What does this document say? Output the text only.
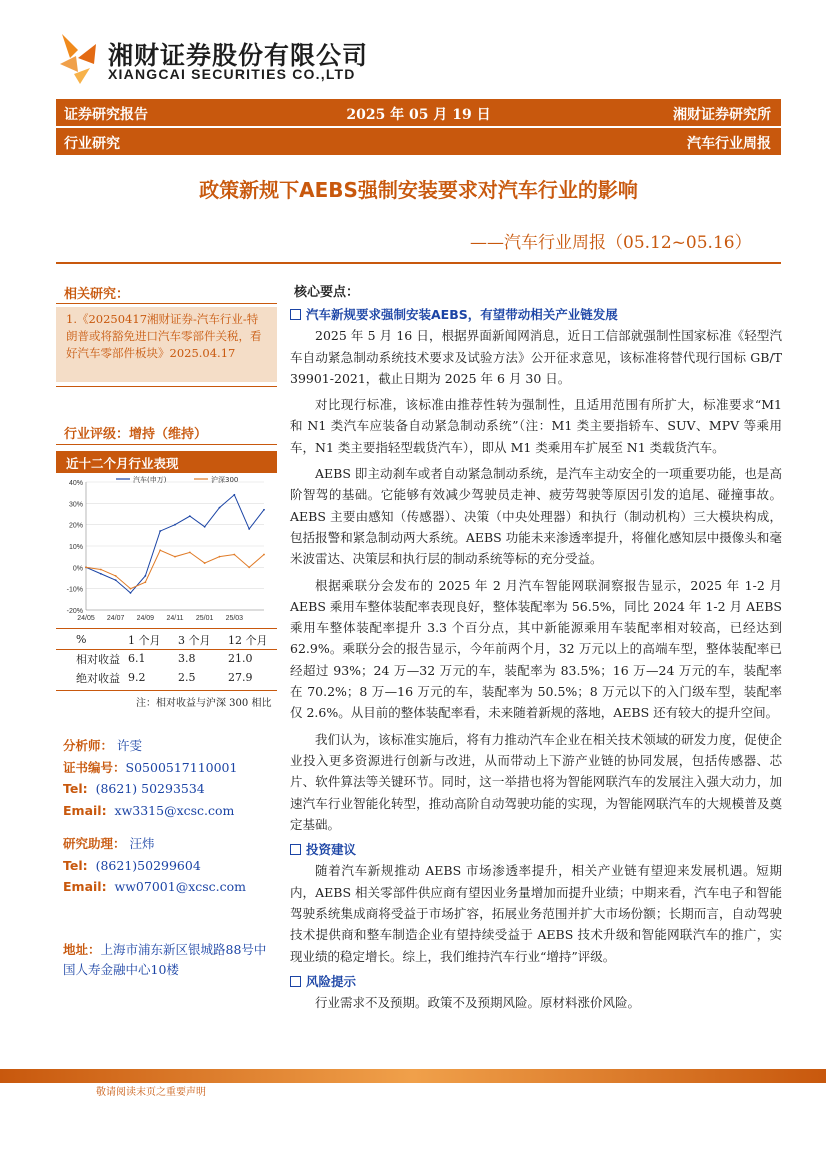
湘财证券股份有限公司
XIANGCAI SECURITIES CO.,LTD
2025 年 05 月 19 日
证券研究报告	湘财证券研究所
行业研究	汽车行业周报
政策新规下AEBS强制安装要求对汽车行业的影响
——汽车行业周报（05.12~05.16）
相关研究：
1.《20250417湘财证券-汽车行业-特朗普或将豁免进口汽车零部件关税，看好汽车零部件板块》2025.04.17
行业评级：增持（维持）
近十二个月行业表现
-20%
-10%
0%
10%
20%
30%
40%
24/05 24/07 24/09 24/11 25/01 25/03
汽车(申万)	沪深300
%	1 个月	3 个月	12 个月
相对收益	6.1	3.8	21.0
绝对收益	9.2	2.5	27.9
注：相对收益与沪深 300 相比
分析师： 许雯
证书编号：S0500517110001
Tel: (8621) 50293534
Email: xw3315@xcsc.com
研究助理： 汪炜
Tel: (8621)50299604
Email: ww07001@xcsc.com
地址：上海市浦东新区银城路88号中国人寿金融中心10楼
核心要点：
汽车新规要求强制安装AEBS，有望带动相关产业链发展

2025 年 5 月 16 日，根据界面新闻网消息，近日工信部就强制性国家标准《轻型汽车自动紧急制动系统技术要求及试验方法》公开征求意见，该标准将替代现行国标 GB/T 39901-2021，截止日期为 2025 年 6 月 30 日。

对比现行标准，该标准由推荐性转为强制性，且适用范围有所扩大，标准要求“M1 和 N1 类汽车应装备自动紧急制动系统”（注：M1 类主要指轿车、SUV、MPV 等乘用车，N1 类主要指轻型载货汽车），即从 M1 类乘用车扩展至 N1 类载货汽车。

AEBS 即主动刹车或者自动紧急制动系统，是汽车主动安全的一项重要功能，也是高阶智驾的基础。它能够有效减少驾驶员走神、疲劳驾驶等原因引发的追尾、碰撞事故。AEBS 主要由感知（传感器）、决策（中央处理器）和执行（制动机构）三大模块构成，包括报警和紧急制动两大系统。AEBS 功能未来渗透率提升，将催化感知层中摄像头和毫米波雷达、决策层和执行层的制动系统等标的充分受益。

根据乘联分会发布的 2025 年 2 月汽车智能网联洞察报告显示，2025 年 1-2 月 AEBS 乘用车整体装配率表现良好，整体装配率为 56.5%，同比 2024 年 1-2 月 AEBS 乘用车整体装配率提升 3.3 个百分点，其中新能源乘用车装配率相对较高，已经达到 62.9%。乘联分会的报告显示，今年前两个月，32 万元以上的高端车型，整体装配率已经超过 93%；24 万—32 万元的车，装配率为 83.5%；16 万—24 万元的车，装配率在 70.2%；8 万—16 万元的车，装配率为 50.5%；8 万元以下的入门级车型，装配率仅 2.6%。从目前的整体装配率看，未来随着新规的落地，AEBS 还有较大的提升空间。

我们认为，该标准实施后，将有力推动汽车企业在相关技术领域的研发力度，促使企业投入更多资源进行创新与改进，从而带动上下游产业链的协同发展，包括传感器、芯片、软件算法等关键环节。同时，这一举措也将为智能网联汽车的发展注入强大动力，加速汽车行业智能化转型，推动高阶自动驾驶功能的实现，为智能网联汽车的大规模普及奠定基础。

投资建议

随着汽车新规推动 AEBS 市场渗透率提升，相关产业链有望迎来发展机遇。短期内，AEBS 相关零部件供应商有望因业务量增加而提升业绩；中期来看，汽车电子和智能驾驶系统集成商将受益于市场扩容，拓展业务范围并扩大市场份额；长期而言，自动驾驶技术提供商和整车制造企业有望持续受益于 AEBS 技术升级和智能网联汽车的推广，实现业绩的稳定增长。综上，我们维持汽车行业“增持”评级。

风险提示

行业需求不及预期。政策不及预期风险。原材料涨价风险。

敬请阅读末页之重要声明
